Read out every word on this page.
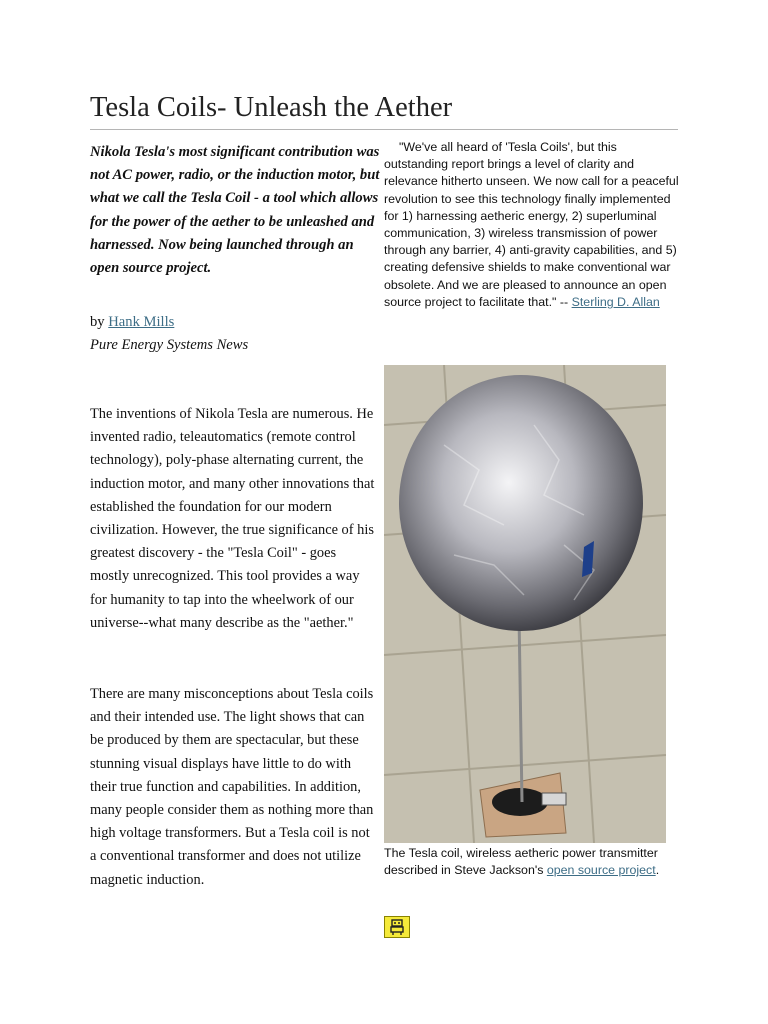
Tesla Coils- Unleash the Aether
Nikola Tesla's most significant contribution was not AC power, radio, or the induction motor, but what we call the Tesla Coil - a tool which allows for the power of the aether to be unleashed and harnessed. Now being launched through an open source project.
by Hank Mills
Pure Energy Systems News

The inventions of Nikola Tesla are numerous. He invented radio, teleautomatics (remote control technology), poly-phase alternating current, the induction motor, and many other innovations that established the foundation for our modern civilization. However, the true significance of his greatest discovery - the "Tesla Coil" - goes mostly unrecognized. This tool provides a way for humanity to tap into the wheelwork of our universe--what many describe as the "aether."

There are many misconceptions about Tesla coils and their intended use. The light shows that can be produced by them are spectacular, but these stunning visual displays have little to do with their true function and capabilities. In addition, many people consider them as nothing more than high voltage transformers. But a Tesla coil is not a conventional transformer and does not utilize magnetic induction.

"We've all heard of 'Tesla Coils', but this outstanding report brings a level of clarity and relevance hitherto unseen. We now call for a peaceful revolution to see this technology finally implemented for 1) harnessing aetheric energy, 2) superluminal communication, 3) wireless transmission of power through any barrier, 4) anti-gravity capabilities, and 5) creating defensive shields to make conventional war obsolete. And we are pleased to announce an open source project to facilitate that." -- Sterling D. Allan
The Tesla coil, wireless aetheric power transmitter described in Steve Jackson's open source project.
